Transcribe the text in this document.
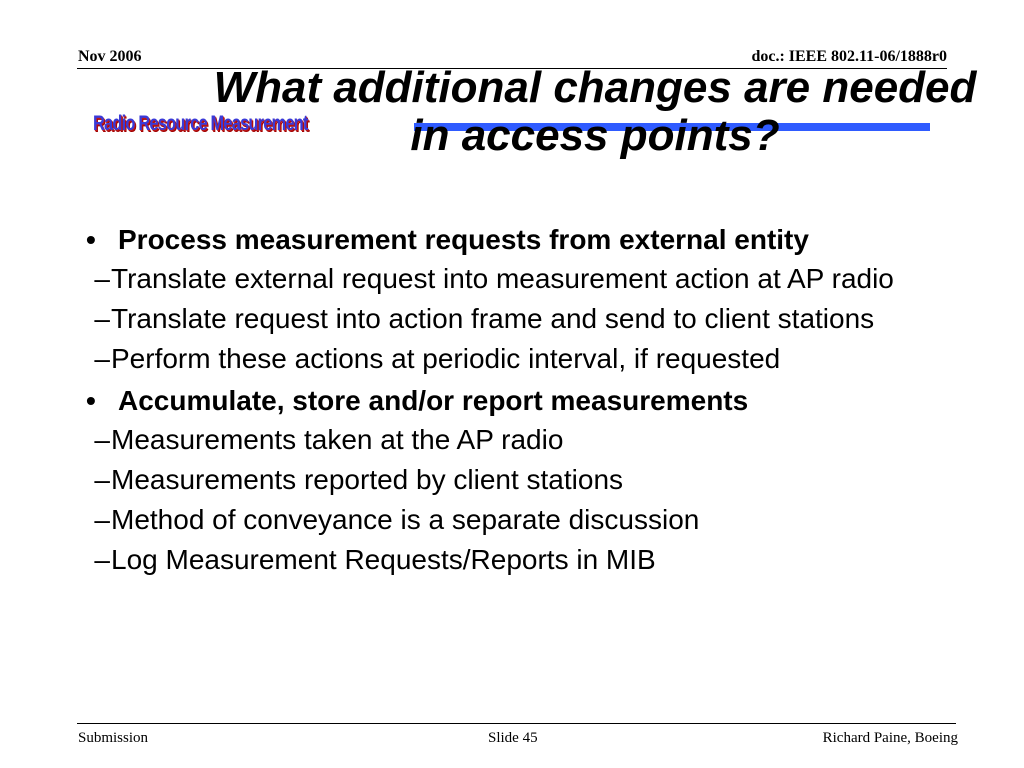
Nov 2006	doc.: IEEE 802.11-06/1888r0
Radio Resource Measurement
What additional changes are needed in access points?
• Process measurement requests from external entity
– Translate external request into measurement action at AP radio
– Translate request into action frame and send to client stations
– Perform these actions at periodic interval, if requested
• Accumulate, store and/or report measurements
– Measurements taken at the AP radio
– Measurements reported by client stations
– Method of conveyance is a separate discussion
– Log Measurement Requests/Reports in MIB
Submission	Slide 45	Richard Paine, Boeing
